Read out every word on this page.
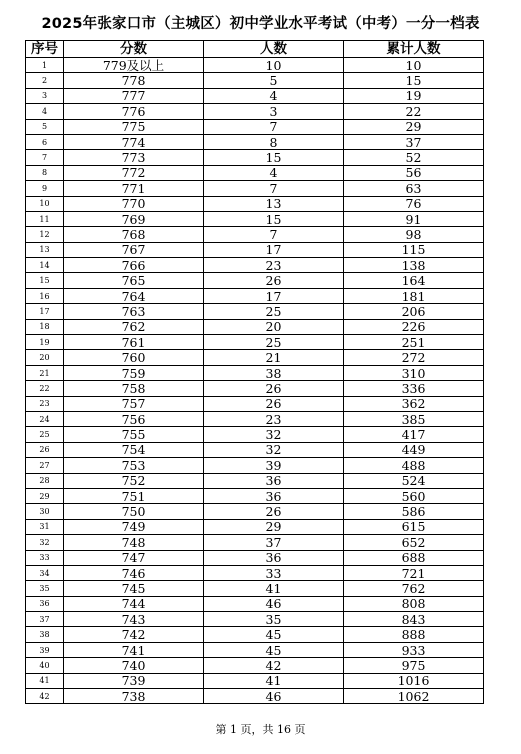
2025年张家口市（主城区）初中学业水平考试（中考）一分一档表
序号	分数	人数	累计人数
1	779及以上	10	10
2	778	5	15
3	777	4	19
4	776	3	22
5	775	7	29
6	774	8	37
7	773	15	52
8	772	4	56
9	771	7	63
10	770	13	76
11	769	15	91
12	768	7	98
13	767	17	115
14	766	23	138
15	765	26	164
16	764	17	181
17	763	25	206
18	762	20	226
19	761	25	251
20	760	21	272
21	759	38	310
22	758	26	336
23	757	26	362
24	756	23	385
25	755	32	417
26	754	32	449
27	753	39	488
28	752	36	524
29	751	36	560
30	750	26	586
31	749	29	615
32	748	37	652
33	747	36	688
34	746	33	721
35	745	41	762
36	744	46	808
37	743	35	843
38	742	45	888
39	741	45	933
40	740	42	975
41	739	41	1016
42	738	46	1062
第 1 页，共 16 页
